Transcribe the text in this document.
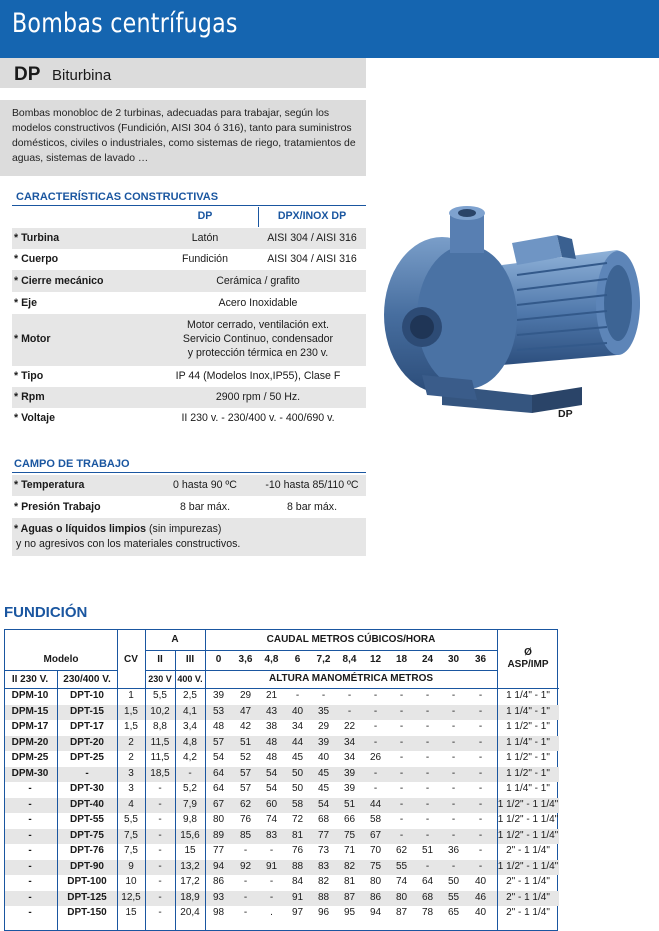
Bombas centrífugas
DP Biturbina
Bombas monobloc de 2 turbinas, adecuadas para trabajar, según los
modelos constructivos (Fundición, AISI 304 ó 316), tanto para suministros
domésticos, civiles o industriales, como sistemas de riego, tratamientos de
aguas, sistemas de lavado …
CARACTERÍSTICAS CONSTRUCTIVAS
DP	DPX/INOX DP
* Turbina	Latón	AISI 304 / AISI 316
* Cuerpo	Fundición	AISI 304 / AISI 316
* Cierre mecánico	Cerámica / grafito
* Eje	Acero Inoxidable
* Motor
Motor cerrado, ventilación ext.
Servicio Continuo, condensador
y protección térmica en 230 v.
* Tipo	IP 44 (Modelos Inox,IP55), Clase F
* Rpm	2900 rpm / 50 Hz.
* Voltaje	II 230 v. - 230/400 v. - 400/690 v.
CAMPO DE TRABAJO
* Temperatura	0 hasta 90 ºC	-10 hasta 85/110 ºC
* Presión Trabajo	8 bar máx.	8 bar máx.
* Aguas o líquidos limpios (sin impurezas)
y no agresivos con los materiales constructivos.
DP
FUNDICIÓN
Modelo
II 230 V.	230/400 V.
CV
A
II	III
230 V 400 V.
CAUDAL METROS CÚBICOS/HORA
ALTURA MANOMÉTRICA METROS
Ø
ASP/IMP
0	3,6	4,8	6	7,2	8,4	12	18	24	30	36
DPM-10	DPT-10	1	5,5	2,5	39	29	21	-	-	-	-	-	-	-	-	1 1/4" - 1"
DPM-15	DPT-15	1,5	10,2	4,1	53	47	43	40	35	-	-	-	-	-	-	1 1/4" - 1"
DPM-17	DPT-17	1,5	8,8	3,4	48	42	38	34	29	22	-	-	-	-	-	1 1/2" - 1"
DPM-20	DPT-20	2	11,5	4,8	57	51	48	44	39	34	-	-	-	-	-	1 1/4" - 1"
DPM-25	DPT-25	2	11,5	4,2	54	52	48	45	40	34	26	-	-	-	-	1 1/2" - 1"
DPM-30	-	3	18,5	-	64	57	54	50	45	39	-	-	-	-	-	1 1/2" - 1"
-	DPT-30	3	-	5,2	64	57	54	50	45	39	-	-	-	-	-	1 1/4" - 1"
-	DPT-40	4	-	7,9	67	62	60	58	54	51	44	-	-	-	-	1 1/2" - 1 1/4"
-	DPT-55	5,5	-	9,8	80	76	74	72	68	66	58	-	-	-	-	1 1/2" - 1 1/4"
-	DPT-75	7,5	-	15,6	89	85	83	81	77	75	67	-	-	-	-	1 1/2" - 1 1/4"
-	DPT-76	7,5	-	15	77	-	-	76	73	71	70	62	51	36	-	2" - 1 1/4"
-	DPT-90	9	-	13,2	94	92	91	88	83	82	75	55	-	-	-	1 1/2" - 1 1/4"
-	DPT-100	10	-	17,2	86	-	-	84	82	81	80	74	64	50	40	2" - 1 1/4"
-	DPT-125	12,5	-	18,9	93	-	-	91	88	87	86	80	68	55	46	2" - 1 1/4"
-	DPT-150	15	-	20,4	98	-	.	97	96	95	94	87	78	65	40	2" - 1 1/4"
